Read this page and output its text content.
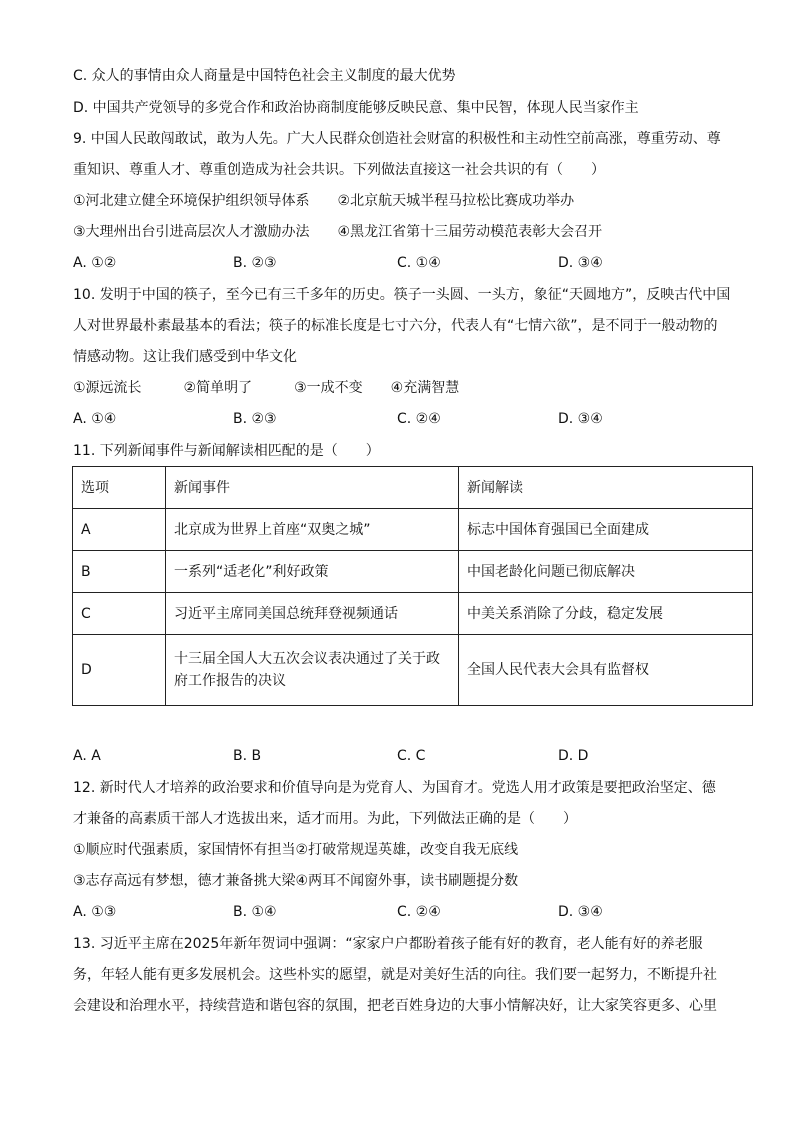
C. 众人的事情由众人商量是中国特色社会主义制度的最大优势
D. 中国共产党领导的多党合作和政治协商制度能够反映民意、集中民智，体现人民当家作主
9. 中国人民敢闯敢试，敢为人先。广大人民群众创造社会财富的积极性和主动性空前高涨，尊重劳动、尊
重知识、尊重人才、尊重创造成为社会共识。下列做法直接这一社会共识的有（　　）
①河北建立健全环境保护组织领导体系　　②北京航天城半程马拉松比赛成功举办
③大理州出台引进高层次人才激励办法　　④黑龙江省第十三届劳动模范表彰大会召开
A. ①②	B. ②③	C. ①④	D. ③④
10. 发明于中国的筷子，至今已有三千多年的历史。筷子一头圆、一头方，象征“天圆地方”，反映古代中国
人对世界最朴素最基本的看法；筷子的标准长度是七寸六分，代表人有“七情六欲”，是不同于一般动物的
情感动物。这让我们感受到中华文化
①源远流长　　　②简单明了　　　③一成不变　　④充满智慧
A. ①④	B. ②③	C. ②④	D. ③④
11. 下列新闻事件与新闻解读相匹配的是（　　）
选项	新闻事件	新闻解读
A	北京成为世界上首座“双奥之城”	标志中国体育强国已全面建成
B	一系列“适老化”利好政策	中国老龄化问题已彻底解决
C	习近平主席同美国总统拜登视频通话	中美关系消除了分歧，稳定发展
D	十三届全国人大五次会议表决通过了关于政府工作报告的决议	全国人民代表大会具有监督权
A. A	B. B	C. C	D. D
12. 新时代人才培养的政治要求和价值导向是为党育人、为国育才。党选人用才政策是要把政治坚定、德
才兼备的高素质干部人才选拔出来，适才而用。为此，下列做法正确的是（　　）
①顺应时代强素质，家国情怀有担当②打破常规逞英雄，改变自我无底线
③志存高远有梦想，德才兼备挑大梁④两耳不闻窗外事，读书刷题提分数
A. ①③	B. ①④	C. ②④	D. ③④
13. 习近平主席在2025年新年贺词中强调：“家家户户都盼着孩子能有好的教育，老人能有好的养老服
务，年轻人能有更多发展机会。这些朴实的愿望，就是对美好生活的向往。我们要一起努力，不断提升社
会建设和治理水平，持续营造和谐包容的氛围，把老百姓身边的大事小情解决好，让大家笑容更多、心里
